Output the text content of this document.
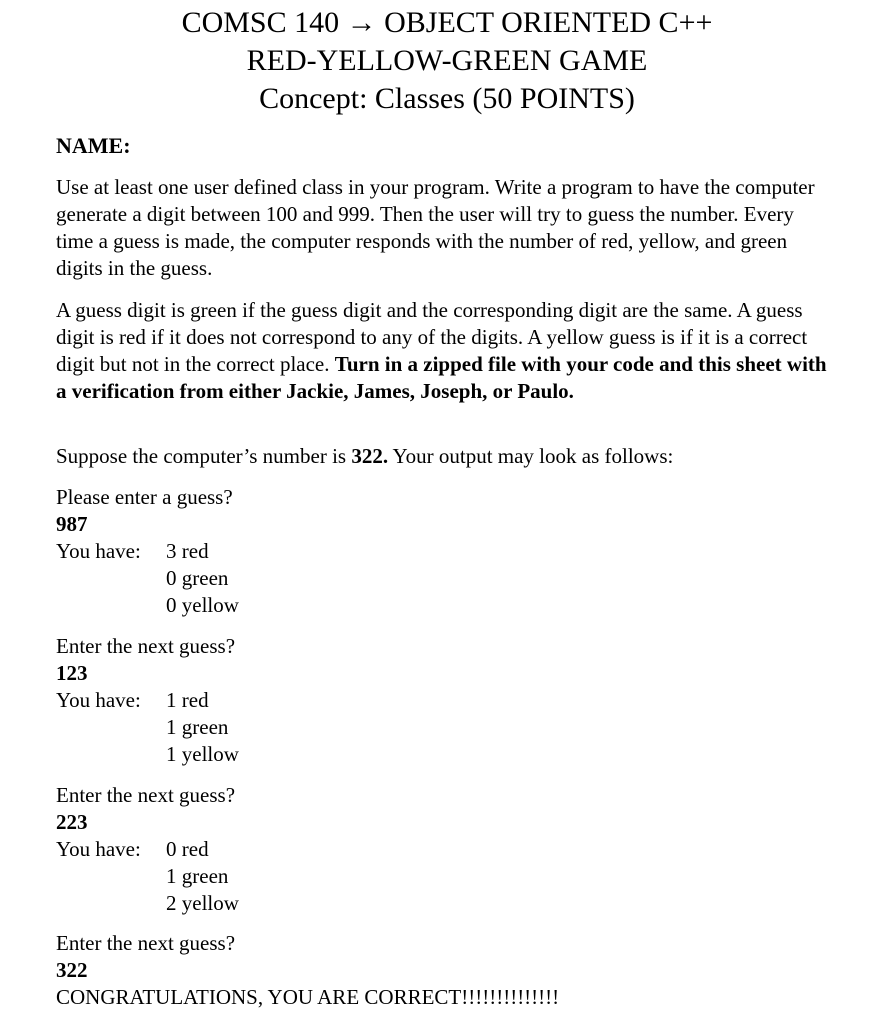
COMSC 140 → OBJECT ORIENTED C++
RED-YELLOW-GREEN GAME
Concept: Classes (50 POINTS)
NAME:

Use at least one user defined class in your program. Write a program to have the computer generate a digit between 100 and 999. Then the user will try to guess the number. Every time a guess is made, the computer responds with the number of red, yellow, and green digits in the guess.

A guess digit is green if the guess digit and the corresponding digit are the same. A guess digit is red if it does not correspond to any of the digits. A yellow guess is if it is a correct digit but not in the correct place. Turn in a zipped file with your code and this sheet with a verification from either Jackie, James, Joseph, or Paulo.

Suppose the computer’s number is 322. Your output may look as follows:

Please enter a guess?
987
You have: 3 red
0 green
0 yellow
Enter the next guess?
123
You have: 1 red
1 green
1 yellow
Enter the next guess?
223
You have: 0 red
1 green
2 yellow
Enter the next guess?
322
CONGRATULATIONS, YOU ARE CORRECT!!!!!!!!!!!!!!
